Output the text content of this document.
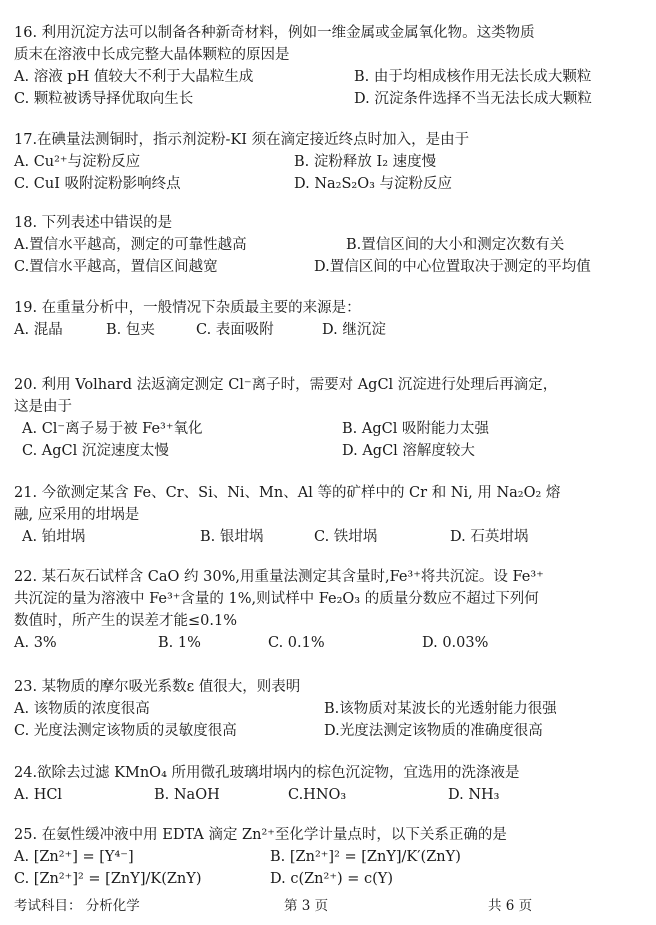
16. 利用沉淀方法可以制备各种新奇材料，例如一维金属或金属氧化物。这类物质
质末在溶液中长成完整大晶体颗粒的原因是
A. 溶液 pH 值较大不利于大晶粒生成	B. 由于均相成核作用无法长成大颗粒
C. 颗粒被诱导择优取向生长	D. 沉淀条件选择不当无法长成大颗粒
17.在碘量法测铜时，指示剂淀粉-KI 须在滴定接近终点时加入，是由于
A. Cu²⁺与淀粉反应	B. 淀粉释放 I₂ 速度慢
C. CuI 吸附淀粉影响终点	D. Na₂S₂O₃ 与淀粉反应
18. 下列表述中错误的是
A.置信水平越高，测定的可靠性越高	B.置信区间的大小和测定次数有关
C.置信水平越高，置信区间越宽	D.置信区间的中心位置取决于测定的平均值
19. 在重量分析中，一般情况下杂质最主要的来源是：
A. 混晶	B. 包夹	C. 表面吸附	D. 继沉淀
20. 利用 Volhard 法返滴定测定 Cl⁻离子时，需要对 AgCl 沉淀进行处理后再滴定，
这是由于
A. Cl⁻离子易于被 Fe³⁺氧化	B. AgCl 吸附能力太强
C. AgCl 沉淀速度太慢	D. AgCl 溶解度较大
21. 今欲测定某含 Fe、Cr、Si、Ni、Mn、Al 等的矿样中的 Cr 和 Ni, 用 Na₂O₂ 熔
融, 应采用的坩埚是
A. 铂坩埚	B. 银坩埚	C. 铁坩埚	D. 石英坩埚
22. 某石灰石试样含 CaO 约 30%,用重量法测定其含量时,Fe³⁺将共沉淀。设 Fe³⁺
共沉淀的量为溶液中 Fe³⁺含量的 1%,则试样中 Fe₂O₃ 的质量分数应不超过下列何
数值时，所产生的误差才能≤0.1%
A. 3%	B. 1%	C. 0.1%	D. 0.03%
23. 某物质的摩尔吸光系数ε 值很大，则表明
A. 该物质的浓度很高	B.该物质对某波长的光透射能力很强
C. 光度法测定该物质的灵敏度很高	D.光度法测定该物质的准确度很高
24.欲除去过滤 KMnO₄ 所用微孔玻璃坩埚内的棕色沉淀物，宜选用的洗涤液是
A. HCl	B. NaOH	C.HNO₃	D. NH₃
25. 在氨性缓冲液中用 EDTA 滴定 Zn²⁺至化学计量点时，以下关系正确的是
A. [Zn²⁺] = [Y⁴⁻]	B. [Zn²⁺]² = [ZnY]/K′(ZnY)
C. [Zn²⁺]² = [ZnY]/K(ZnY)	D. c(Zn²⁺) = c(Y)
考试科目： 分析化学	第 3 页	共 6 页
